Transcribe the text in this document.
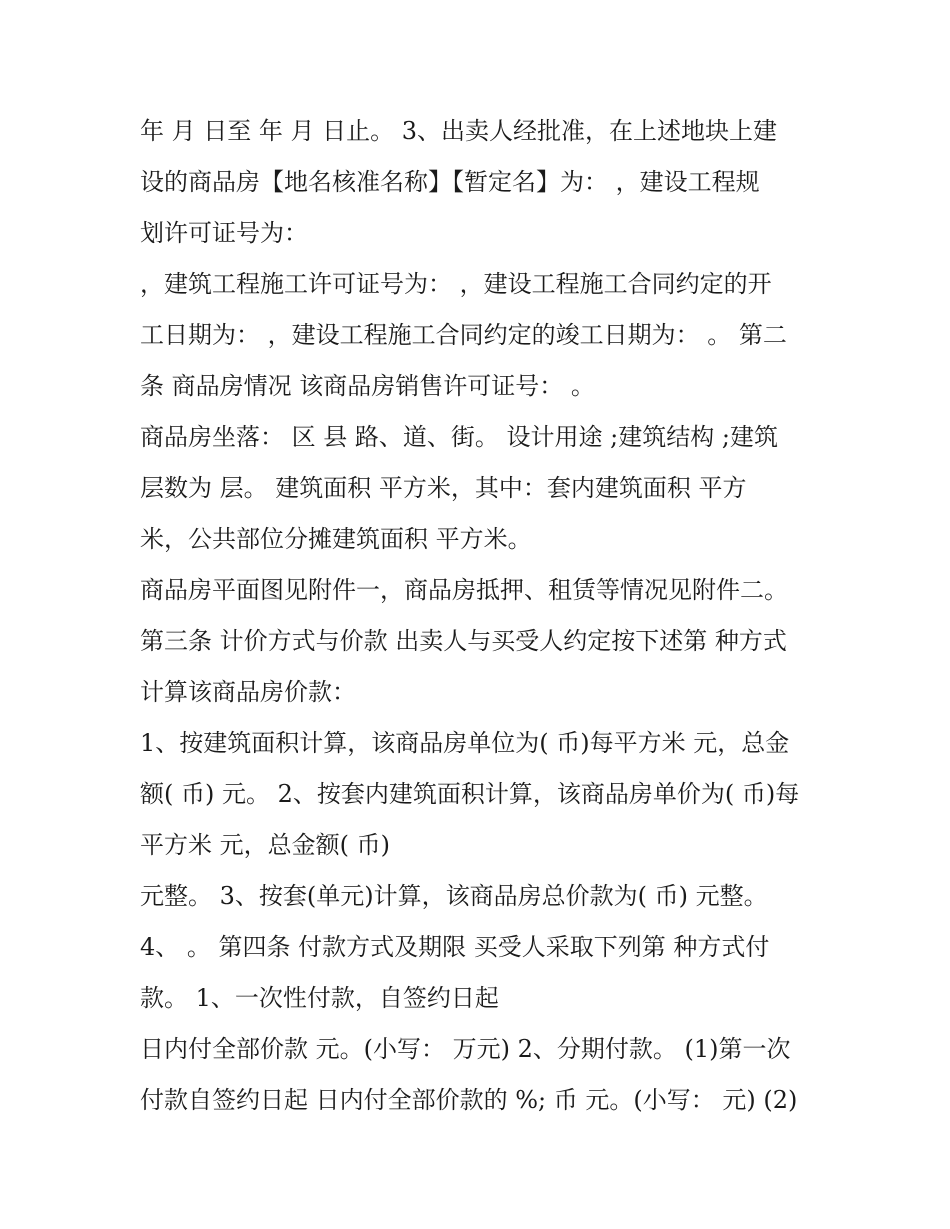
年 月 日至 年 月 日止。 3、出卖人经批准，在上述地块上建
设的商品房【地名核准名称】【暂定名】为： ，建设工程规
划许可证号为：
，建筑工程施工许可证号为： ，建设工程施工合同约定的开
工日期为： ，建设工程施工合同约定的竣工日期为： 。 第二
条 商品房情况 该商品房销售许可证号： 。
商品房坐落： 区 县 路、道、街。 设计用途 ;建筑结构 ;建筑
层数为 层。 建筑面积 平方米，其中：套内建筑面积 平方
米，公共部位分摊建筑面积 平方米。
商品房平面图见附件一，商品房抵押、租赁等情况见附件二。
第三条 计价方式与价款 出卖人与买受人约定按下述第 种方式
计算该商品房价款：
1、按建筑面积计算，该商品房单位为( 币)每平方米 元，总金
额( 币) 元。 2、按套内建筑面积计算，该商品房单价为( 币)每
平方米 元，总金额( 币)
元整。 3、按套(单元)计算，该商品房总价款为( 币) 元整。
4、 。 第四条 付款方式及期限 买受人采取下列第 种方式付
款。 1、一次性付款，自签约日起
日内付全部价款 元。(小写： 万元) 2、分期付款。 (1)第一次
付款自签约日起 日内付全部价款的 %; 币 元。(小写： 元) (2)
